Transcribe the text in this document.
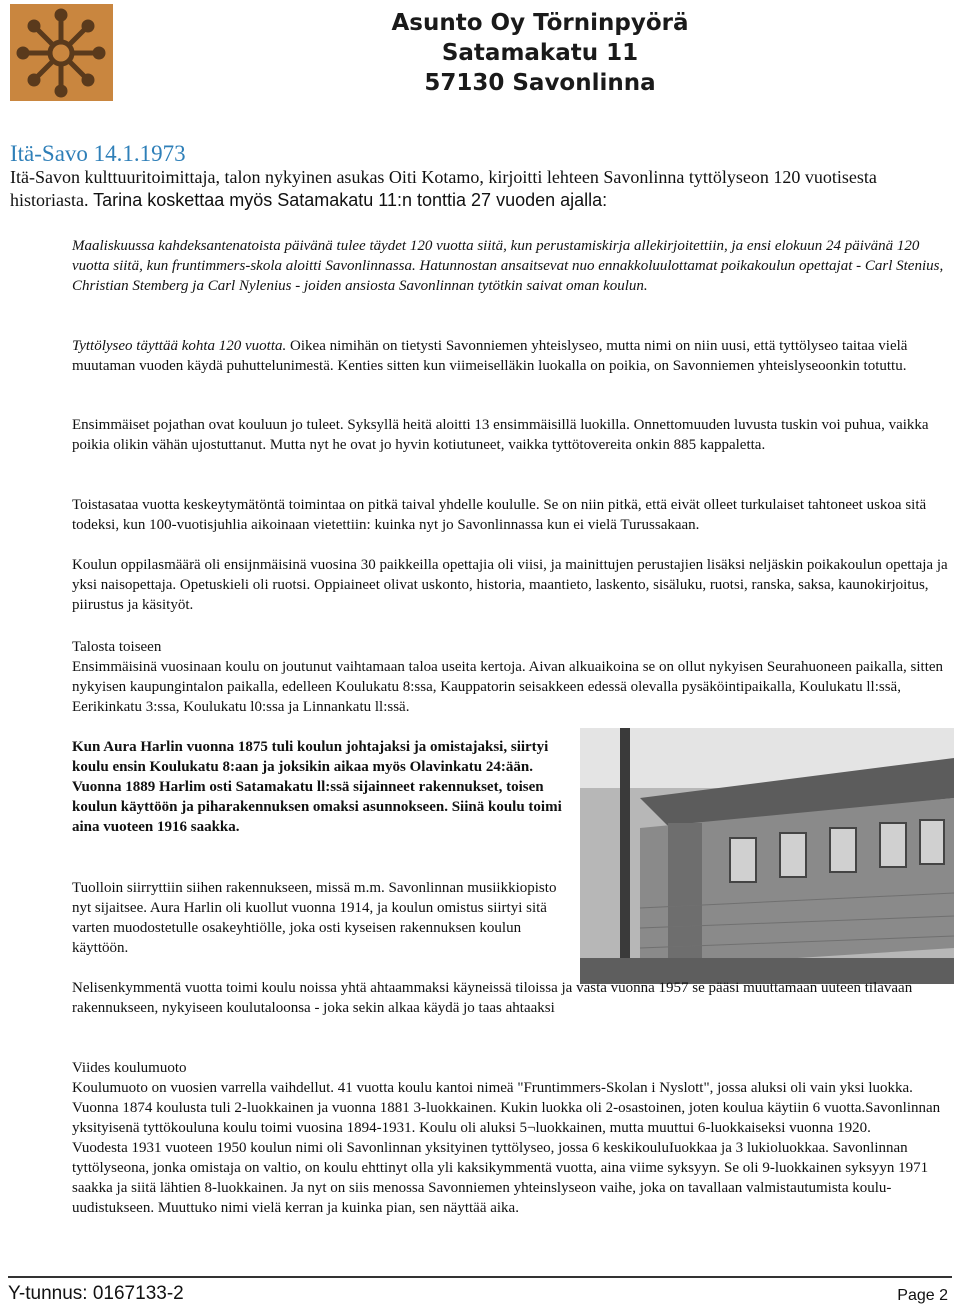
Asunto Oy Törninpyörä
Satamakatu 11
57130 Savonlinna
Itä-Savo 14.1.1973
Itä-Savon kulttuuritoimittaja, talon nykyinen asukas Oiti Kotamo, kirjoitti lehteen Savonlinna tyttölyseon 120 vuotisesta historiasta. Tarina koskettaa myös Satamakatu 11:n tonttia 27 vuoden ajalla:
Maaliskuussa kahdeksantenatoista päivänä tulee täydet 120 vuotta siitä, kun perustamiskirja allekirjoitettiin, ja ensi elokuun 24 päivänä 120 vuotta siitä, kun fruntimmers-skola aloitti Savonlinnassa. Hatunnostan ansaitsevat nuo ennakkoluulottamat poikakoulun opettajat - Carl Stenius, Christian Stemberg ja Carl Nylenius - joiden ansiosta Savonlinnan tytötkin saivat oman koulun.
Tyttölyseo täyttää kohta 120 vuotta. Oikea nimihän on tietysti Savonniemen yhteislyseo, mutta nimi on niin uusi, että tyttölyseo taitaa vielä muutaman vuoden käydä puhuttelunimestä. Kenties sitten kun viimeiselläkin luokalla on poikia, on Savonniemen yhteislyseoonkin totuttu.
Ensimmäiset pojathan ovat kouluun jo tuleet. Syksyllä heitä aloitti 13 ensimmäisillä luokilla. Onnettomuuden luvusta tuskin voi puhua, vaikka poikia olikin vähän ujostuttanut. Mutta nyt he ovat jo hyvin kotiutuneet, vaikka tyttötovereita onkin 885 kappaletta.
Toistasataa vuotta keskeytymätöntä toimintaa on pitkä taival yhdelle koululle. Se on niin pitkä, että eivät olleet turkulaiset tahtoneet uskoa sitä todeksi, kun 100-vuotisjuhlia aikoinaan vietettiin: kuinka nyt jo Savonlinnassa kun ei vielä Turussakaan.
Koulun oppilasmäärä oli ensijnmäisinä vuosina 30 paikkeilla opettajia oli viisi, ja mainittujen perustajien lisäksi neljäskin poikakoulun opettaja ja yksi naisopettaja. Opetuskieli oli ruotsi. Oppiaineet olivat uskonto, historia, maantieto, laskento, sisäluku, ruotsi, ranska, saksa, kaunokirjoitus, piirustus ja käsityöt.
Talosta toiseen
Ensimmäisinä vuosinaan koulu on joutunut vaihtamaan taloa useita kertoja. Aivan alkuaikoina se on ollut nykyisen Seurahuoneen paikalla, sitten nykyisen kaupungintalon paikalla, edelleen Koulukatu 8:ssa, Kauppatorin seisakkeen edessä olevalla pysäköintipaikalla, Koulukatu ll:ssä, Eerikinkatu 3:ssa, Koulukatu l0:ssa ja Linnankatu ll:ssä.
Kun Aura Harlin vuonna 1875 tuli koulun johtajaksi ja omistajaksi, siirtyi koulu ensin Koulukatu 8:aan ja joksikin aikaa myös Olavinkatu 24:ään. Vuonna 1889 Harlim osti Satamakatu ll:ssä sijainneet rakennukset, toisen koulun käyttöön ja piharakennuksen omaksi asunnokseen. Siinä koulu toimi aina vuoteen 1916 saakka.
Tuolloin siirryttiin siihen rakennukseen, missä m.m. Savonlinnan musiikkiopisto nyt sijaitsee. Aura Harlin oli kuollut vuonna 1914, ja koulun omistus siirtyi sitä varten muodostetulle osakeyhtiölle, joka osti kyseisen rakennuksen koulun käyttöön.
Nelisenkymmentä vuotta toimi koulu noissa yhtä ahtaammaksi käyneissä tiloissa ja vasta vuonna 1957 se pääsi muuttamaan uuteen tilavaan rakennukseen, nykyiseen koulutaloonsa - joka sekin alkaa käydä jo taas ahtaaksi
Viides koulumuoto
Koulumuoto on vuosien varrella vaihdellut. 41 vuotta koulu kantoi nimeä "Fruntimmers-Skolan i Nyslott", jossa aluksi oli vain yksi luokka. Vuonna 1874 koulusta tuli 2-luokkainen ja vuonna 1881 3-luokkainen. Kukin luokka oli 2-osastoinen, joten koulua käytiin 6 vuotta.Savonlinnan yksityisenä tyttökouluna koulu toimi vuosina 1894-1931. Koulu oli aluksi 5¬luokkainen, mutta muuttui 6-luokkaiseksi vuonna 1920.
Vuodesta 1931 vuoteen 1950 koulun nimi oli Savonlinnan yksityinen tyttölyseo, jossa 6 keskikouluIuokkaa ja 3 lukioluokkaa. Savonlinnan tyttölyseona, jonka omistaja on valtio, on koulu ehttinyt olla yli kaksikymmentä vuotta, aina viime syksyyn. Se oli 9-luokkainen syksyyn 1971 saakka ja siitä lähtien 8-luokkainen. Ja nyt on siis menossa Savonniemen yhteinslyseon vaihe, joka on tavallaan valmistautumista koulu-uudistukseen. Muuttuko nimi vielä kerran ja kuinka pian, sen näyttää aika.
Y-tunnus: 0167133-2	Page 2
